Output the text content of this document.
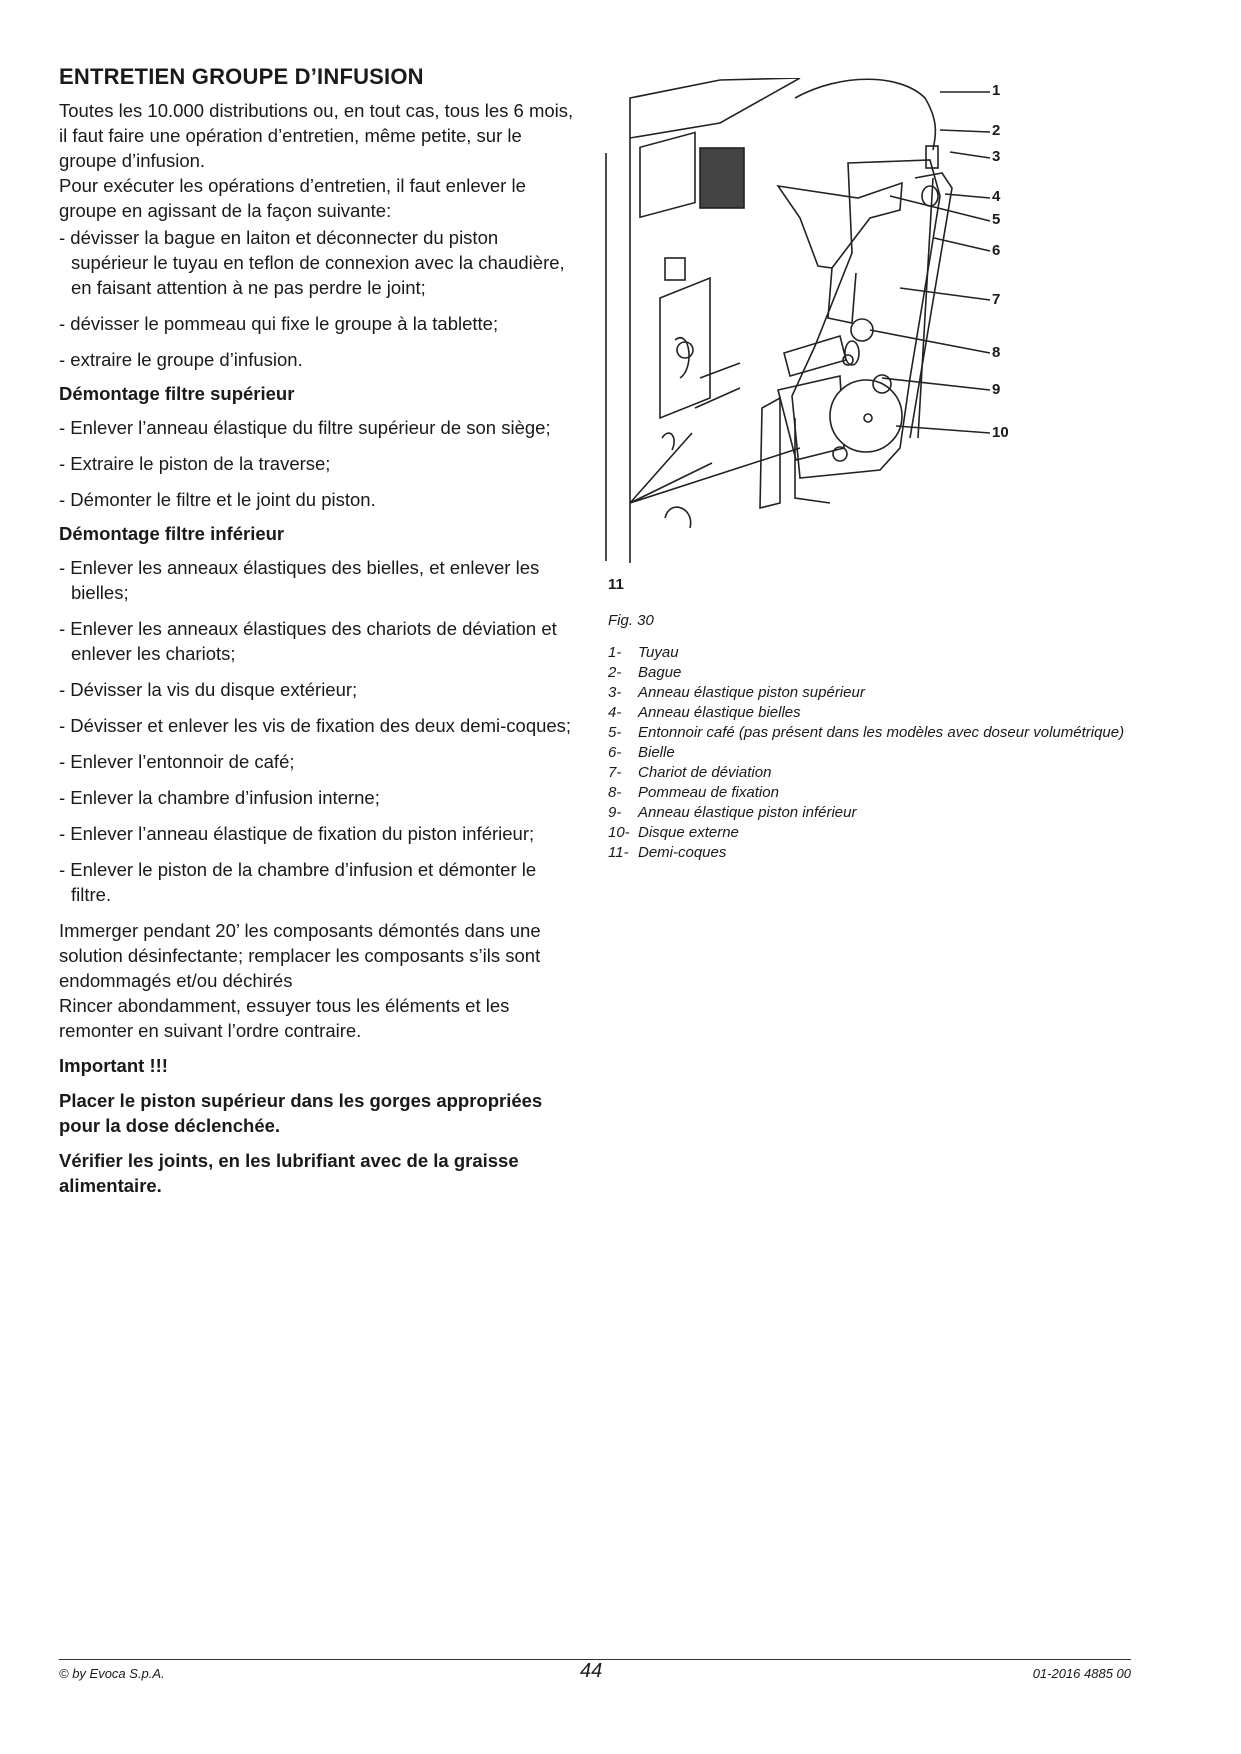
ENTRETIEN GROUPE D’INFUSION

Toutes les 10.000 distributions ou, en tout cas, tous les 6 mois, il faut faire une opération d’entretien, même petite, sur le groupe d’infusion.

Pour exécuter les opérations d’entretien, il faut enlever le groupe en agissant de la façon suivante:

- dévisser la bague en laiton et déconnecter du piston supérieur le tuyau en teflon de connexion avec la chaudière, en faisant attention à ne pas perdre le joint;
- dévisser le pommeau qui fixe le groupe à la tablette;
- extraire le groupe d’infusion.
Démontage filtre supérieur
- Enlever l’anneau élastique du filtre supérieur de son siège;
- Extraire le piston de la traverse;
- Démonter le filtre et le joint du piston.
Démontage filtre inférieur
- Enlever les anneaux élastiques des bielles, et enlever les bielles;
- Enlever les anneaux élastiques des chariots de déviation et enlever les chariots;
- Dévisser la vis du disque extérieur;
- Dévisser et enlever les vis de fixation des deux demi-coques;
- Enlever l’entonnoir de café;
- Enlever la chambre d’infusion interne;
- Enlever l’anneau élastique de fixation du piston inférieur;
- Enlever le piston de la chambre d’infusion et démonter le filtre.

Immerger pendant 20’ les composants démontés dans une solution désinfectante; remplacer les composants s’ils sont endommagés et/ou déchirés

Rincer abondamment, essuyer tous les éléments et les remonter en suivant l’ordre contraire.

Important !!!

Placer le piston supérieur dans les gorges appropriées pour la dose déclenchée.

Vérifier les joints, en les lubrifiant avec de la graisse alimentaire.

1
2
3
4
5
6
7
8
9
10
11
Fig. 30
1-	Tuyau
2-	Bague
3-	Anneau élastique piston supérieur
4-	Anneau élastique bielles
5-	Entonnoir café (pas présent dans les modèles avec doseur volumétrique)
6-	Bielle
7-	Chariot de déviation
8-	Pommeau de fixation
9-	Anneau élastique piston inférieur
10- Disque externe
11- Demi-coques
© by Evoca S.p.A.	44	01-2016 4885 00
